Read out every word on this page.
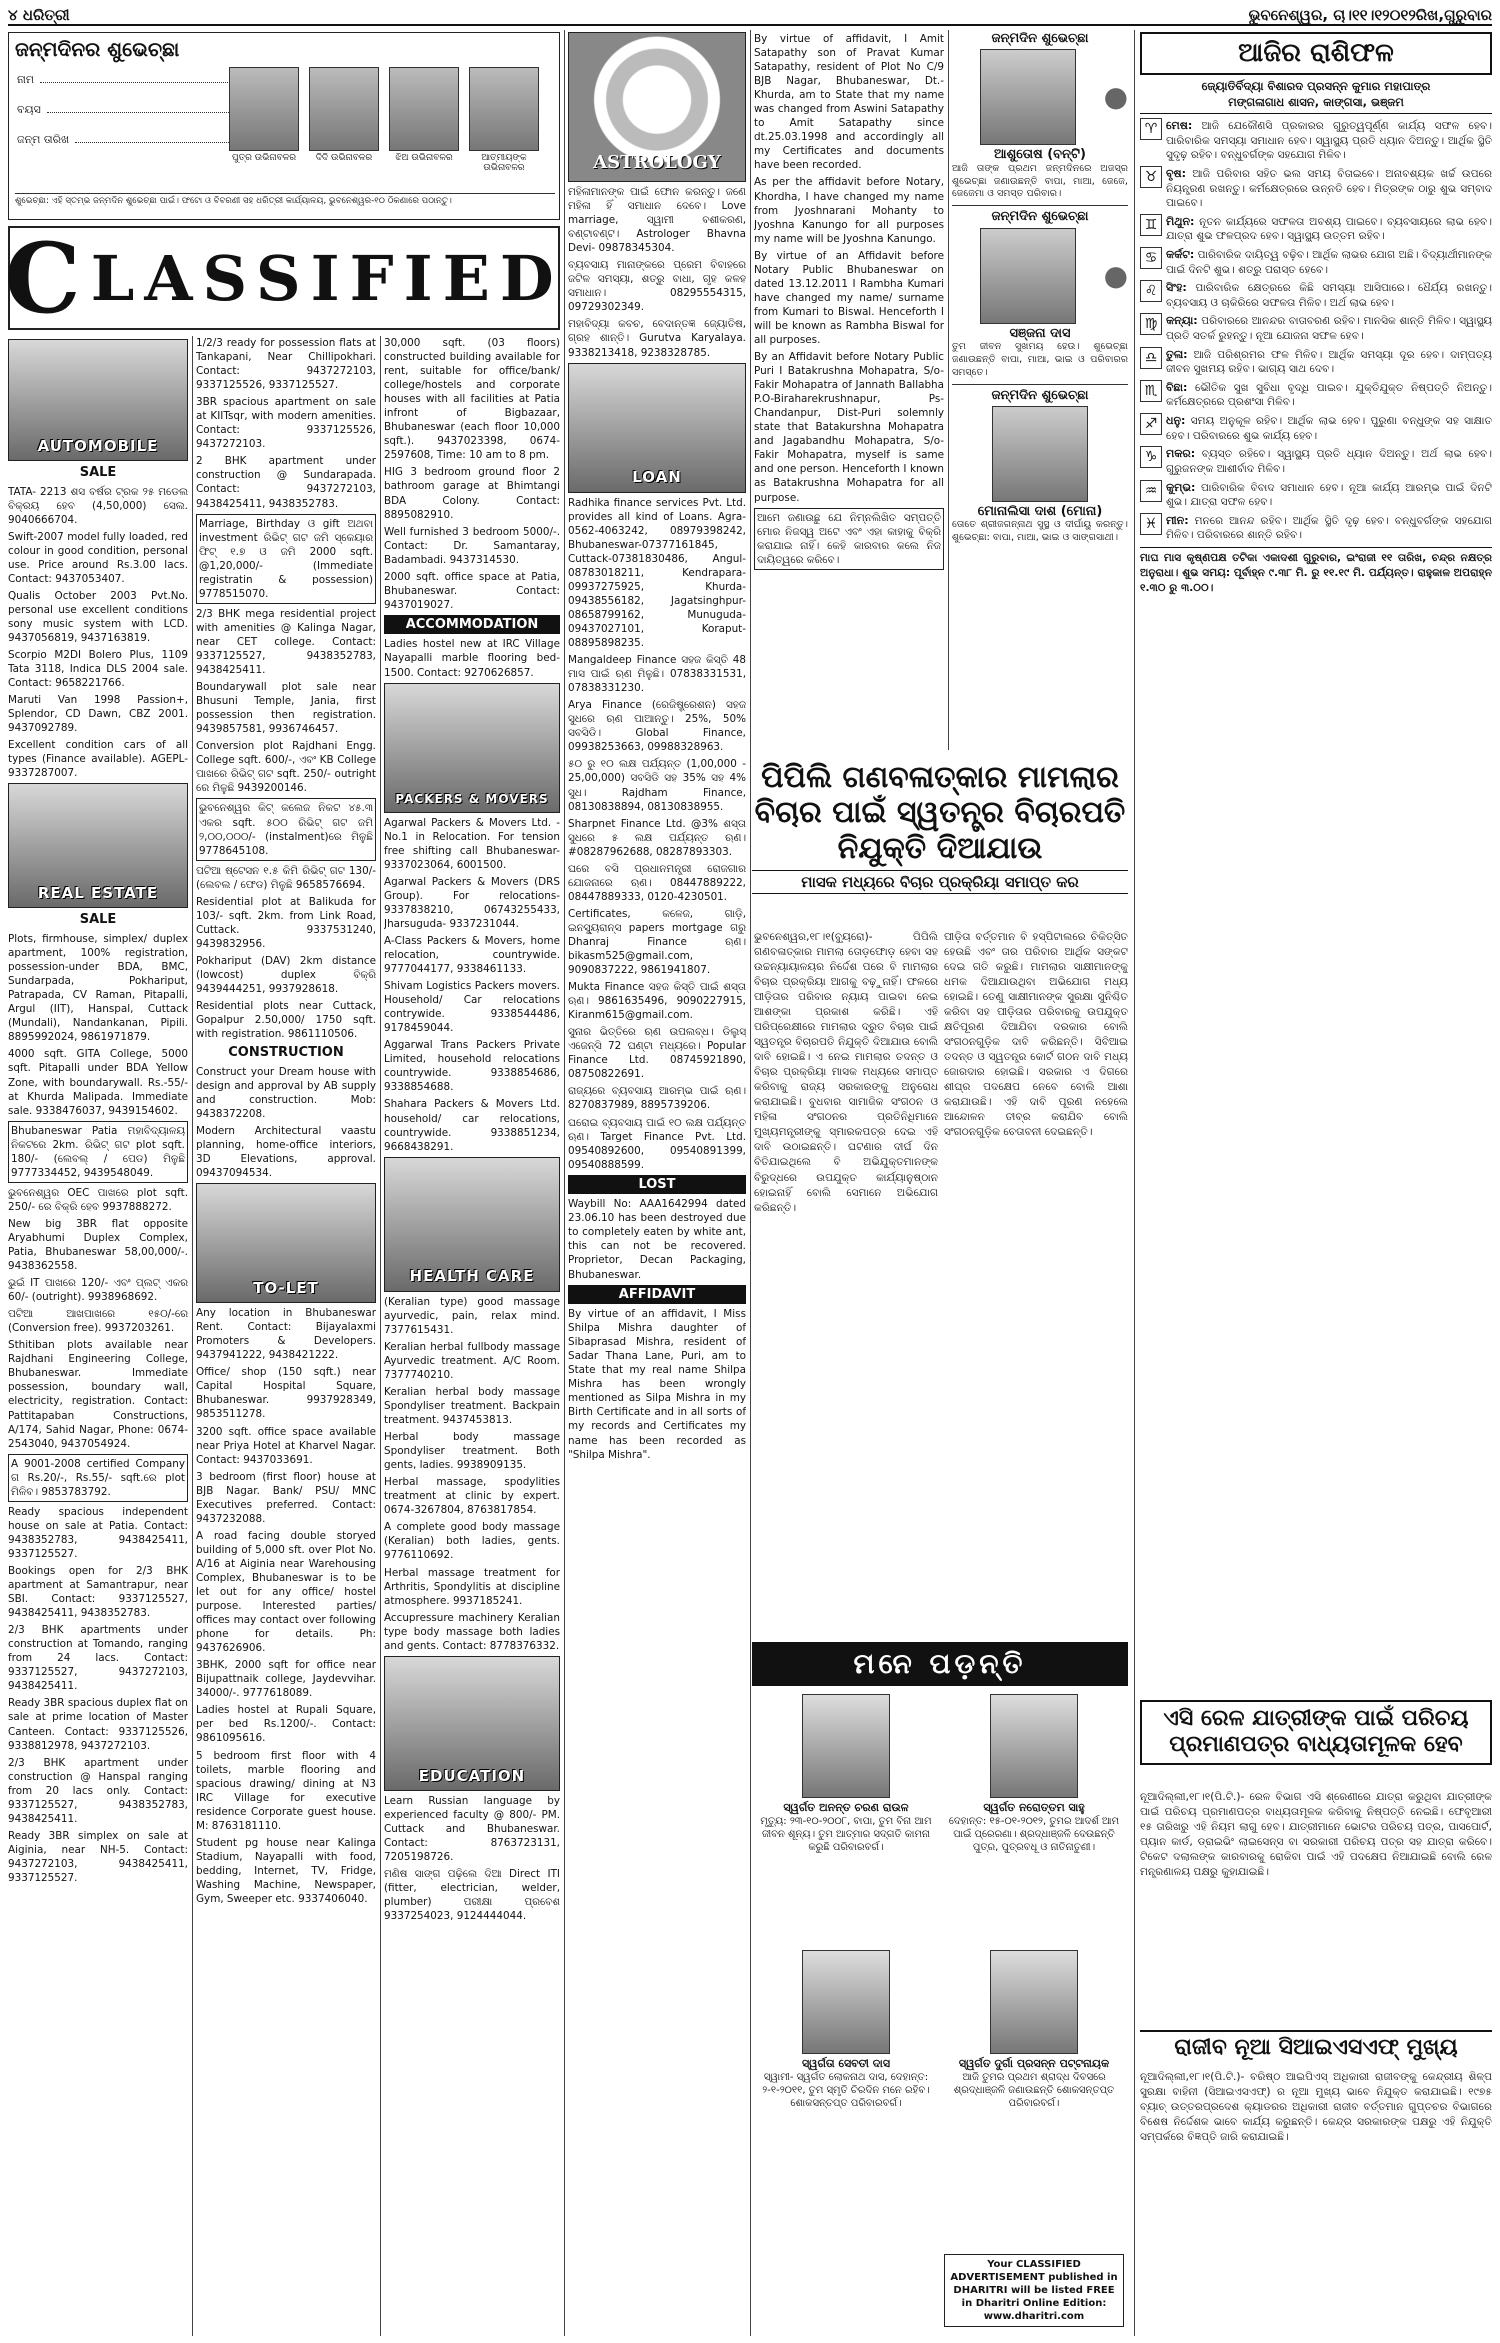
୪ ଧରିତ୍ରୀ	ଭୁବନେଶ୍ୱର, ଚା।୧୧।୧୨୦୧୨ରିଖ,ଗୁରୁବାର
ଜନ୍ମଦିନର ଶୁଭେଚ୍ଛା
ନାମ
ବୟସ
ଜନ୍ମ ତାରିଖ
ପୁତ୍ର ଉଭିନାବଳର	ଦିଦି ଉଭିନାବଳର	ଝିଅ ଉଭିନାବଳର	ଆତ୍ମୀୟଙ୍କ ଉଭିନାବଳର
ଶୁଭେଚ୍ଛା: ଏହି ସ୍ତମ୍ଭ ଜନ୍ମଦିନ ଶୁଭେଚ୍ଛା ପାଇଁ। ଫଟୋ ଓ ବିବରଣୀ ସହ ଧରିତ୍ରୀ କାର୍ଯ୍ୟାଳୟ, ଭୁବନେଶ୍ୱର-୧୦ ଠିକଣାରେ ପଠାନ୍ତୁ।
C LASSIFIED
AUTOMOBILE
SALE
TATA- 2213 ଶସ ବର୍ଷର ଟ୍ରକ ୨୫ ମଡେଲ ବିକ୍ରୟ ହେବ (4,50,000) ସେଲ. 9040666704.
Swift-2007 model fully loaded, red colour in good condition, personal use. Price around Rs.3.00 lacs. Contact: 9437053407.
Qualis October 2003 Pvt.No. personal use excellent conditions sony music system with LCD. 9437056819, 9437163819.
Scorpio M2DI Bolero Plus, 1109 Tata 3118, Indica DLS 2004 sale. Contact: 9658221766.
Maruti Van 1998 Passion+, Splendor, CD Dawn, CBZ 2001. 9437092789.
Excellent condition cars of all types (Finance available). AGEPL- 9337287007.
REAL ESTATE
SALE
Plots, firmhouse, simplex/ duplex apartment, 100% registration, possession-under BDA, BMC, Sundarpada, Pokhariput, Patrapada, CV Raman, Pitapalli, Argul (IIT), Hanspal, Cuttack (Mundali), Nandankanan, Pipili. 8895992024, 9861971879.
4000 sqft. GITA College, 5000 sqft. Pitapalli under BDA Yellow Zone, with boundarywall. Rs.-55/- at Khurda Malipada. Immediate sale. 9338476037, 9439154602.
Bhubaneswar Patia ମହାବିଦ୍ୟାଳୟ ନିକଟରେ 2km. ରିଭିଟ୍ ଗଟ plot sqft. 180/- (ଲେବଲ୍ / ପେଡ) ମିଳୁଛି 9777334452, 9439548049.
ଭୁବନେଶ୍ୱର OEC ପାଖରେ plot sqft. 250/- ରେ ବିକ୍ରି ହେବ 9937888272.
New big 3BR flat opposite Aryabhumi Duplex Complex, Patia, Bhubaneswar 58,00,000/-. 9438362558.
ଭୁଇଁ IT ପାଖରେ 120/- ଏବଂ ପ୍ଲଟ୍ ଏକର 60/- (outright). 9938968692.
ପଟିଆ ଆଖପାଖରେ ୧୫୦/-ରେ (Conversion free). 9937203261.
Sthitiban plots available near Rajdhani Engineering College, Bhubaneswar. Immediate possession, boundary wall, electricity, registration. Contact: Pattitapaban Constructions, A/174, Sahid Nagar, Phone: 0674-2543040, 9437054924.
A 9001-2008 certified Company ଗ Rs.20/-, Rs.55/- sqft.ରେ plot ମିଳିବ। 9853783792.
Ready spacious independent house on sale at Patia. Contact: 9438352783, 9438425411, 9337125527.
Bookings open for 2/3 BHK apartment at Samantrapur, near SBI. Contact: 9337125527, 9438425411, 9438352783.
2/3 BHK apartments under construction at Tomando, ranging from 24 lacs. Contact: 9337125527, 9437272103, 9438425411.
Ready 3BR spacious duplex flat on sale at prime location of Master Canteen. Contact: 9337125526, 9338812978, 9437272103.
2/3 BHK apartment under construction @ Hanspal ranging from 20 lacs only. Contact: 9337125527, 9438352783, 9438425411.
Ready 3BR simplex on sale at Aiginia, near NH-5. Contact: 9437272103, 9438425411, 9337125527.
1/2/3 ready for possession flats at Tankapani, Near Chillipokhari. Contact: 9437272103, 9337125526, 9337125527.
3BR spacious apartment on sale at KIITsqr, with modern amenities. Contact: 9337125526, 9437272103.
2 BHK apartment under construction @ Sundarapada. Contact: 9437272103, 9438425411, 9438352783.
Marriage, Birthday ଓ gift ଅଥବା investment ରିଭିଟ୍ ଗଟ ଜମି ସ୍କେୟାର ଫିଟ୍ ୧.୭ ଓ ଜମି 2000 sqft. @1,20,000/- (Immediate registratin & possession) 9778515070.
2/3 BHK mega residential project with amenities @ Kalinga Nagar, near CET college. Contact: 9337125527, 9438352783, 9438425411.
Boundarywall plot sale near Bhusuni Temple, Jania, first possession then registration. 9439857581, 9936746457.
Conversion plot Rajdhani Engg. College sqft. 600/-, ଏବଂ KB College ପାଖରେ ରିଭିଟ୍ ଗଟ sqft. 250/- outright ରେ ମିଳୁଛି 9439200146.
ଭୁବନେଶ୍ୱର କିଟ୍ କଲେଜ ନିକଟ ୪୫.୩ ଏକର sqft. ୫୦୦ ରିଭିଟ୍ ଗଟ ଜମି ୨,୦୦,୦୦୦/- (instalment)ରେ ମିଳୁଛି 9778645108.
ପଟିଆ ଷ୍ଟେସନ ୧.୫ କିମି ରିଭିଟ୍ ଗଟ 130/- (ଲେବଲ / ଫେଡ) ମିଳୁଛି 9658576694.
Residential plot at Balikuda for 103/- sqft. 2km. from Link Road, Cuttack. 9337531240, 9439832956.
Pokhariput (DAV) 2km distance (lowcost) duplex ବିକ୍ରି 9439444251, 9937928618.
Residential plots near Cuttack, Gopalpur 2.50,000/ 1750 sqft. with registration. 9861110506.
CONSTRUCTION
Construct your Dream house with design and approval by AB supply and construction. Mob: 9438372208.
Modern Architectural vaastu planning, home-office interiors, 3D Elevations, approval. 09437094534.
TO-LET
Any location in Bhubaneswar Rent. Contact: Bijayalaxmi Promoters & Developers. 9437941222, 9438421222.
Office/ shop (150 sqft.) near Capital Hospital Square, Bhubaneswar. 9937928349, 9853511278.
3200 sqft. office space available near Priya Hotel at Kharvel Nagar. Contact: 9437033691.
3 bedroom (first floor) house at BJB Nagar. Bank/ PSU/ MNC Executives preferred. Contact: 9437232088.
A road facing double storyed building of 5,000 sft. over Plot No. A/16 at Aiginia near Warehousing Complex, Bhubaneswar is to be let out for any office/ hostel purpose. Interested parties/ offices may contact over following phone for details. Ph: 9437626906.
3BHK, 2000 sqft for office near Bijupattnaik college, Jaydevvihar. 34000/-. 9777618089.
Ladies hostel at Rupali Square, per bed Rs.1200/-. Contact: 9861095616.
5 bedroom first floor with 4 toilets, marble flooring and spacious drawing/ dining at N3 IRC Village for executive residence Corporate guest house. M: 8763181110.
Student pg house near Kalinga Stadium, Nayapalli with food, bedding, Internet, TV, Fridge, Washing Machine, Newspaper, Gym, Sweeper etc. 9337406040.
30,000 sqft. (03 floors) constructed building available for rent, suitable for office/bank/ college/hostels and corporate houses with all facilities at Patia infront of Bigbazaar, Bhubaneswar (each floor 10,000 sqft.). 9437023398, 0674-2597608, Time: 10 am to 8 pm.
HIG 3 bedroom ground floor 2 bathroom garage at Bhimtangi BDA Colony. Contact: 8895082910.
Well furnished 3 bedroom 5000/-. Contact: Dr. Samantaray, Badambadi. 9437314530.
2000 sqft. office space at Patia, Bhubaneswar. Contact: 9437019027.
ACCOMMODATION
Ladies hostel new at IRC Village Nayapalli marble flooring bed-1500. Contact: 9270626857.
PACKERS & MOVERS
Agarwal Packers & Movers Ltd. - No.1 in Relocation. For tension free shifting call Bhubaneswar- 9337023064, 6001500.
Agarwal Packers & Movers (DRS Group). For relocations- 9337838210, 06743255433, Jharsuguda- 9337231044.
A-Class Packers & Movers, home relocation, countrywide. 9777044177, 9338461133.
Shivam Logistics Packers movers. Household/ Car relocations contrywide. 9338544486, 9178459044.
Aggarwal Trans Packers Private Limited, household relocations countrywide. 9338854686, 9338854688.
Shahara Packers & Movers Ltd. household/ car relocations, countrywide. 9338851234, 9668438291.
HEALTH CARE
(Keralian type) good massage ayurvedic, pain, relax mind. 7377615431.
Keralian herbal fullbody massage Ayurvedic treatment. A/C Room. 7377740210.
Keralian herbal body massage Spondyliser treatment. Backpain treatment. 9437453813.
Herbal body massage Spondyliser treatment. Both gents, ladies. 9938909135.
Herbal massage, spodylities treatment at clinic by expert. 0674-3267804, 8763817854.
A complete good body massage (Keralian) both ladies, gents. 9776110692.
Herbal massage treatment for Arthritis, Spondylitis at discipline atmosphere. 9937185241.
Accupressure machinery Keralian type body massage both ladies and gents. Contact: 8778376332.
EDUCATION
Learn Russian language by experienced faculty @ 800/- PM. Cuttack and Bhubaneswar. Contact: 8763723131, 7205198726.
ମଣିଷ ସାଙ୍ଗ ପଢ଼ିଲେ ଦିଆ Direct ITI (fitter, electrician, welder, plumber) ପରୀକ୍ଷା ପ୍ରବେଶ 9337254023, 9124444044.
ASTROLOGY
ମହିଳାମାନଙ୍କ ପାଇଁ ଫୋନ କରନ୍ତୁ। ଜଣେ ମହିଳା ହିଁ ସମାଧାନ ଦେବେ। Love marriage, ସ୍ୱାମୀ ବଶୀକରଣ, ବଣ୍ଟାବଣ୍ଟ। Astrologer Bhavna Devi- 09878345304.
ବ୍ୟବସାୟ ମାନାଙ୍କରେ ପ୍ରେମ ବିବାହରେ ଜଟିଳ ସମସ୍ୟା, ଶତ୍ରୁ ବାଧା, ଗୃହ କଳହ ସମାଧାନ। 08295554315, 09729302349.
ମହାବିଦ୍ୟା କବଚ, ବେଦାନ୍ତଜ୍ଞ ଜ୍ୟୋତିଷ, ଗ୍ରହ ଶାନ୍ତି। Gurutva Karyalaya. 9338213418, 9238328785.
LOAN
Radhika finance services Pvt. Ltd. provides all kind of Loans. Agra-0562-4063242, 08979398242, Bhubaneswar-07377161845, Cuttack-07381830486, Angul-08783018211, Kendrapara-09937275925, Khurda-09438556182, Jagatsinghpur-08658799162, Munuguda-09437027101, Koraput-08895898235.
Mangaldeep Finance ସହଜ କିସ୍ତି 48 ମାସ ପାଇଁ ଋଣ ମିଳୁଛି। 07838331531, 07838331230.
Arya Finance (ରେଜିଷ୍ଟ୍ରେଶନ) ସହଜ ସୁଧରେ ଋଣ ପାଆନ୍ତୁ। 25%, 50% ସବସିଡି। Global Finance, 09938253663, 09988328963.
୫୦ ରୁ ୧୦ ଲକ୍ଷ ପର୍ଯ୍ୟନ୍ତ (1,00,000 - 25,00,000) ସବସିଡି ସହ 35% ସହ 4% ସୁଧ। Rajdham Finance, 08130838894, 08130838955.
Sharpnet Finance Ltd. @3% ଶସ୍ତା ସୁଧରେ ୫ ଲକ୍ଷ ପର୍ଯ୍ୟନ୍ତ ଋଣ। #08287962688, 08287893303.
ଘରେ ବସି ପ୍ରଧାନମନ୍ତ୍ରୀ ରୋଜଗାର ଯୋଜନାରେ ଋଣ। 08447889222, 08447889333, 0120-4230501.
Certificates, କଳେଜ, ଗାଡ଼ି, ଇନସ୍ୟୁରାନ୍ସ papers mortgage ଗରୁ Dhanraj Finance ଋଣ। bikasm525@gmail.com, 9090837222, 9861941807.
Mukta Finance ସହଜ କିସ୍ତି ପାଇଁ ଶସ୍ତା ଋଣ। 9861635496, 9090227915, Kiranm615@gmail.com.
ସୁନାର ଭିତ୍ତିରେ ଋଣ ଉପଲବ୍ଧ। ଡିଲୁସ୍ ଏଜେନ୍ସି 72 ଘଣ୍ଟା ମଧ୍ୟରେ। Popular Finance Ltd. 08745921890, 08750822691.
ରାଜ୍ୟରେ ବ୍ୟବସାୟ ଆରମ୍ଭ ପାଇଁ ଋଣ। 8270837989, 8895739206.
ଘରୋଇ ବ୍ୟବସାୟ ପାଇଁ ୧୦ ଲକ୍ଷ ପର୍ଯ୍ୟନ୍ତ ଋଣ। Target Finance Pvt. Ltd. 09540892600, 09540891399, 09540888599.
LOST
Waybill No: AAA1642994 dated 23.06.10 has been destroyed due to completely eaten by white ant, this can not be recovered. Proprietor, Decan Packaging, Bhubaneswar.
AFFIDAVIT
By virtue of an affidavit, I Miss Shilpa Mishra daughter of Sibaprasad Mishra, resident of Sadar Thana Lane, Puri, am to State that my real name Shilpa Mishra has been wrongly mentioned as Silpa Mishra in my Birth Certificate and in all sorts of my records and Certificates my name has been recorded as "Shilpa Mishra".
By virtue of affidavit, I Amit Satapathy son of Pravat Kumar Satapathy, resident of Plot No C/9 BJB Nagar, Bhubaneswar, Dt.-Khurda, am to State that my name was changed from Aswini Satapathy to Amit Satapathy since dt.25.03.1998 and accordingly all my Certificates and documents have been recorded.
As per the affidavit before Notary, Khordha, I have changed my name from Jyoshnarani Mohanty to Jyoshna Kanungo for all purposes my name will be Jyoshna Kanungo.
By virtue of an Affidavit before Notary Public Bhubaneswar on dated 13.12.2011 I Rambha Kumari have changed my name/ surname from Kumari to Biswal. Henceforth I will be known as Rambha Biswal for all purposes.
By an Affidavit before Notary Public Puri I Batakrushna Mohapatra, S/o-Fakir Mohapatra of Jannath Ballabha P.O-Biraharekrushnapur, Ps-Chandanpur, Dist-Puri solemnly state that Batakurshna Mohapatra and Jagabandhu Mohapatra, S/o-Fakir Mohapatra, myself is same and one person. Henceforth I known as Batakrushna Mohapatra for all purpose.
ଆମେ ଜଣାଉଛୁ ଯେ ନିମ୍ନଲିଖିତ ସମ୍ପତ୍ତି ମୋର ନିଜସ୍ୱ ଅଟେ ଏବଂ ଏହା କାହାକୁ ବିକ୍ରି କରାଯାଇ ନାହିଁ। କେହି କାରବାର କଲେ ନିଜ ଦାୟିତ୍ୱରେ କରିବେ।
ଜନ୍ମଦିନ ଶୁଭେଚ୍ଛା
●
ଆଶୁତୋଷ (ବନ୍ଟି)
ଆଜି ତାଙ୍କ ପ୍ରଥମ ଜନ୍ମଦିନରେ ଅଜସ୍ର ଶୁଭେଚ୍ଛା ଜଣାଉଛନ୍ତି ବାପା, ମାଆ, ଜେଜେ, ଜେଜେମା ଓ ସମସ୍ତ ପରିବାର।
ଜନ୍ମଦିନ ଶୁଭେଚ୍ଛା
●
ସଞ୍ଜନା ଦାସ
ତୁମ ଜୀବନ ସୁଖମୟ ହେଉ। ଶୁଭେଚ୍ଛା ଜଣାଉଛନ୍ତି ବାପା, ମାଆ, ଭାଇ ଓ ପରିବାରର ସମସ୍ତେ।
ଜନ୍ମଦିନ ଶୁଭେଚ୍ଛା
ମୋନାଲିସା ଦାଶ (ମୋନା)
ତୋତେ ଶ୍ରୀଜଗନ୍ନାଥ ସୁସ୍ଥ ଓ ଦୀର୍ଘାୟୁ କରନ୍ତୁ। ଶୁଭେଚ୍ଛା: ବାପା, ମାଆ, ଭାଇ ଓ ସାଙ୍ଗସାଥୀ।
ପିପିଲି ଗଣବଳାତ୍କାର ମାମଲାର ବିଚାର ପାଇଁ ସ୍ୱତନ୍ତ୍ର ବିଚାରପତି ନିଯୁକ୍ତି ଦିଆଯାଉ
ମାସକ ମଧ୍ୟରେ ବିଚାର ପ୍ରକ୍ରିୟା ସମାପ୍ତ କର
ଭୁବନେଶ୍ୱର,୧୮।୧(ବ୍ୟୁରୋ)- ପିପିଲି ଗଣବଳାତ୍କାର ମାମଲା ତୋଡ଼ଫୋଡ଼ ହେବା ସହ ଉଚ୍ଚନ୍ୟାୟାଳୟର ନିର୍ଦ୍ଦେଶ ପରେ ବି ମାମଲାର ବିଚାର ପ୍ରକ୍ରିୟା ଆଗକୁ ବଢ଼ୁନାହିଁ। ଫଳରେ ପୀଡ଼ିତାର ପରିବାର ନ୍ୟାୟ ପାଇବା ନେଇ ଆଶଙ୍କା ପ୍ରକାଶ କରିଛି। ଏହି ପରିପ୍ରେକ୍ଷୀରେ ମାମଲାର ଦ୍ରୁତ ବିଚାର ପାଇଁ ସ୍ୱତନ୍ତ୍ର ବିଚାରପତି ନିଯୁକ୍ତି ଦିଆଯାଉ ବୋଲି ଦାବି ହୋଇଛି। ଏ ନେଇ ମାମଲାର ତଦନ୍ତ ଓ ବିଚାର ପ୍ରକ୍ରିୟା ମାସକ ମଧ୍ୟରେ ସମାପ୍ତ କରିବାକୁ ରାଜ୍ୟ ସରକାରଙ୍କୁ ଅନୁରୋଧ କରାଯାଇଛି। ବୁଧବାର ସାମାଜିକ ସଂଗଠନ ଓ ମହିଳା ସଂଗଠନର ପ୍ରତିନିଧିମାନେ ମୁଖ୍ୟମନ୍ତ୍ରୀଙ୍କୁ ସ୍ମାରକପତ୍ର ଦେଇ ଏହି ଦାବି ଉଠାଇଛନ୍ତି। ଘଟଣାର ଦୀର୍ଘ ଦିନ ବିତିଯାଇଥିଲେ ବି ଅଭିଯୁକ୍ତମାନଙ୍କ ବିରୁଦ୍ଧରେ ଉପଯୁକ୍ତ କାର୍ଯ୍ୟାନୁଷ୍ଠାନ ହୋଇନାହିଁ ବୋଲି ସେମାନେ ଅଭିଯୋଗ କରିଛନ୍ତି।
ପୀଡ଼ିତା ବର୍ତ୍ତମାନ ବି ହସ୍ପିଟାଲରେ ଚିକିତ୍ସିତ ହେଉଛି ଏବଂ ତାର ପରିବାର ଆର୍ଥିକ ସଙ୍କଟ ଦେଇ ଗତି କରୁଛି। ମାମଲାର ସାକ୍ଷୀମାନଙ୍କୁ ଧମକ ଦିଆଯାଉଥିବା ଅଭିଯୋଗ ମଧ୍ୟ ହୋଇଛି। ତେଣୁ ସାକ୍ଷୀମାନଙ୍କ ସୁରକ୍ଷା ସୁନିଶ୍ଚିତ କରିବା ସହ ପୀଡ଼ିତାର ପରିବାରକୁ ଉପଯୁକ୍ତ କ୍ଷତିପୂରଣ ଦିଆଯିବା ଦରକାର ବୋଲି ସଂଗଠନଗୁଡ଼ିକ ଦାବି କରିଛନ୍ତି। ସିବିଆଇ ତଦନ୍ତ ଓ ସ୍ୱତନ୍ତ୍ର କୋର୍ଟ ଗଠନ ଦାବି ମଧ୍ୟ ଜୋରଦାର ହୋଇଛି। ସରକାର ଏ ଦିଗରେ ଶୀଘ୍ର ପଦକ୍ଷେପ ନେବେ ବୋଲି ଆଶା କରାଯାଉଛି। ଏହି ଦାବି ପୂରଣ ନହେଲେ ଆନ୍ଦୋଳନ ତୀବ୍ର କରାଯିବ ବୋଲି ସଂଗଠନଗୁଡ଼ିକ ଚେତାବନୀ ଦେଇଛନ୍ତି।
ମନେ ପଡ଼ନ୍ତି
ସ୍ୱର୍ଗତ ଅନନ୍ତ ଚରଣ ରାଉଳ
ମୃତ୍ୟୁ: ୨୩-୧୦-୨୦୦୮, ବାପା, ତୁମ ବିନା ଆମ ଜୀବନ ଶୂନ୍ୟ। ତୁମ ଆତ୍ମାର ସଦ୍‌ଗତି କାମନା କରୁଛି ପରିବାରବର୍ଗ।
ସ୍ୱର୍ଗତ ନରୋତ୍ତମ ସାହୁ
ଦେହାନ୍ତ: ୧୫-୦୧-୨୦୧୨, ତୁମର ଆଦର୍ଶ ଆମ ପାଇଁ ପ୍ରେରଣା। ଶ୍ରଦ୍ଧାଞ୍ଜଳି ଦେଉଛନ୍ତି ପୁତ୍ର, ପୁତ୍ରବଧୂ ଓ ନାତିନାତୁଣୀ।
ସ୍ୱର୍ଗତା ସେବତୀ ଦାସ
ସ୍ୱାମୀ- ସ୍ୱର୍ଗତ ଲୋକନାଥ ଦାସ, ଦେହାନ୍ତ: ୨-୧-୨୦୧୧, ତୁମ ସ୍ମୃତି ଚିରଦିନ ମନେ ରହିବ। ଶୋକସନ୍ତପ୍ତ ପରିବାରବର୍ଗ।
ସ୍ୱର୍ଗତ ଦୁର୍ଗା ପ୍ରସନ୍ନ ପଟ୍ଟନାୟକ
ଆଜି ତୁମର ପ୍ରଥମ ଶ୍ରାଦ୍ଧ ଦିବସରେ ଶ୍ରଦ୍ଧାଞ୍ଜଳି ଜଣାଉଛନ୍ତି ଶୋକସନ୍ତପ୍ତ ପରିବାରବର୍ଗ।
Your CLASSIFIED ADVERTISEMENT published in DHARITRI will be listed FREE in Dharitri Online Edition: www.dharitri.com
ଆଜିର ରାଶିଫଳ
ଜ୍ୟୋତିର୍ବିଦ୍ୟା ବିଶାରଦ ପ୍ରସନ୍ନ କୁମାର ମହାପାତ୍ର
ମଙ୍ଗଳାଗାଧ ଶାସନ, କାଙ୍ଗସା, ଭଞ୍ଜମ
♈ ମେଷ: ଆଜି ଯେକୌଣସି ପ୍ରକାରର ଗୁରୁତ୍ୱପୂର୍ଣ୍ଣ କାର୍ଯ୍ୟ ସଫଳ ହେବ। ପାରିବାରିକ ସମସ୍ୟା ସମାଧାନ ହେବ। ସ୍ୱାସ୍ଥ୍ୟ ପ୍ରତି ଧ୍ୟାନ ଦିଅନ୍ତୁ। ଆର୍ଥିକ ସ୍ଥିତି ସୁଦୃଢ଼ ରହିବ। ବନ୍ଧୁବର୍ଗଙ୍କ ସହଯୋଗ ମିଳିବ।
♉ ବୃଷ: ଆଜି ପରିବାର ସହିତ ଭଲ ସମୟ ବିତାଇବେ। ଅନାବଶ୍ୟକ ଖର୍ଚ୍ଚ ଉପରେ ନିୟନ୍ତ୍ରଣ ରଖନ୍ତୁ। କର୍ମକ୍ଷେତ୍ରରେ ଉନ୍ନତି ହେବ। ମିତ୍ରଙ୍କ ଠାରୁ ଶୁଭ ସମ୍ବାଦ ପାଇବେ।
♊ ମିଥୁନ: ନୂତନ କାର୍ଯ୍ୟରେ ସଫଳତା ଅବଶ୍ୟ ପାଇବେ। ବ୍ୟବସାୟରେ ଲାଭ ହେବ। ଯାତ୍ରା ଶୁଭ ଫଳପ୍ରଦ ହେବ। ସ୍ୱାସ୍ଥ୍ୟ ଉତ୍ତମ ରହିବ।
♋ କର୍କଟ: ପାରିବାରିକ ଦାୟିତ୍ୱ ବଢ଼ିବ। ଆର୍ଥିକ ଲାଭର ଯୋଗ ଅଛି। ବିଦ୍ୟାର୍ଥୀମାନଙ୍କ ପାଇଁ ଦିନଟି ଶୁଭ। ଶତ୍ରୁ ପରାସ୍ତ ହେବେ।
♌ ସିଂହ: ପାରିବାରିକ କ୍ଷେତ୍ରରେ କିଛି ସମସ୍ୟା ଆସିପାରେ। ଧୈର୍ଯ୍ୟ ରଖନ୍ତୁ। ବ୍ୟବସାୟ ଓ ଚାକିରିରେ ସଫଳତା ମିଳିବ। ଅର୍ଥ ଲାଭ ହେବ।
♍ କନ୍ୟା: ପରିବାରରେ ଆନନ୍ଦର ବାତାବରଣ ରହିବ। ମାନସିକ ଶାନ୍ତି ମିଳିବ। ସ୍ୱାସ୍ଥ୍ୟ ପ୍ରତି ସତର୍କ ରୁହନ୍ତୁ। ନୂଆ ଯୋଜନା ସଫଳ ହେବ।
♎ ତୁଳା: ଆଜି ପରିଶ୍ରମର ଫଳ ମିଳିବ। ଆର୍ଥିକ ସମସ୍ୟା ଦୂର ହେବ। ଦାମ୍ପତ୍ୟ ଜୀବନ ସୁଖମୟ ରହିବ। ଭାଗ୍ୟ ସାଥ ଦେବ।
♏ ବିଛା: ଭୌତିକ ସୁଖ ସୁବିଧା ବୃଦ୍ଧି ପାଇବ। ଯୁକ୍ତିଯୁକ୍ତ ନିଷ୍ପତ୍ତି ନିଅନ୍ତୁ। କର୍ମକ୍ଷେତ୍ରରେ ପ୍ରଶଂସା ମିଳିବ।
♐ ଧନୁ: ସମୟ ଅନୁକୂଳ ରହିବ। ଆର୍ଥିକ ଲାଭ ହେବ। ପୁରୁଣା ବନ୍ଧୁଙ୍କ ସହ ସାକ୍ଷାତ ହେବ। ପରିବାରରେ ଶୁଭ କାର୍ଯ୍ୟ ହେବ।
♑ ମକର: ବ୍ୟସ୍ତ ରହିବେ। ସ୍ୱାସ୍ଥ୍ୟ ପ୍ରତି ଧ୍ୟାନ ଦିଅନ୍ତୁ। ଅର୍ଥ ଲାଭ ହେବ। ଗୁରୁଜନଙ୍କ ଆଶୀର୍ବାଦ ମିଳିବ।
♒ କୁମ୍ଭ: ପାରିବାରିକ ବିବାଦ ସମାଧାନ ହେବ। ନୂଆ କାର୍ଯ୍ୟ ଆରମ୍ଭ ପାଇଁ ଦିନଟି ଶୁଭ। ଯାତ୍ରା ସଫଳ ହେବ।
♓ ମୀନ: ମନରେ ଆନନ୍ଦ ରହିବ। ଆର୍ଥିକ ସ୍ଥିତି ଦୃଢ଼ ହେବ। ବନ୍ଧୁବର୍ଗଙ୍କ ସହଯୋଗ ମିଳିବ। ପରିବାରରେ ଶାନ୍ତି ରହିବ।
ମାଘ ମାସ କୃଷ୍ଣପକ୍ଷ ତଟିକା ଏକାଦଶୀ ଗୁରୁବାର, ଇଂରାଜୀ ୧୧ ତାରିଖ, ଚନ୍ଦ୍ର ନକ୍ଷତ୍ର ଅନୁରାଧା। ଶୁଭ ସମୟ: ପୂର୍ବାହ୍ନ ୯.୩୮ ମି. ରୁ ୧୧.୧୯ ମି. ପର୍ଯ୍ୟନ୍ତ। ରାହୁକାଳ ଅପରାହ୍ନ ୧.୩୦ ରୁ ୩.୦୦।
ଏସି ରେଳ ଯାତ୍ରୀଙ୍କ ପାଇଁ ପରିଚୟ ପ୍ରମାଣପତ୍ର ବାଧ୍ୟତାମୂଳକ ହେବ
ନୂଆଦିଲ୍ଲୀ,୧୮।୧(ପି.ଟି.)- ରେଳ ବିଭାଗ ଏସି ଶ୍ରେଣୀରେ ଯାତ୍ରା କରୁଥିବା ଯାତ୍ରୀଙ୍କ ପାଇଁ ପରିଚୟ ପ୍ରମାଣପତ୍ର ବାଧ୍ୟତାମୂଳକ କରିବାକୁ ନିଷ୍ପତ୍ତି ନେଇଛି। ଫେବୃଆରୀ ୧୫ ତାରିଖରୁ ଏହି ନିୟମ ଲାଗୁ ହେବ। ଯାତ୍ରୀମାନେ ଭୋଟର ପରିଚୟ ପତ୍ର, ପାସପୋର୍ଟ, ପ୍ୟାନ କାର୍ଡ, ଡ୍ରାଇଭିଂ ଲାଇସେନ୍ସ ବା ସରକାରୀ ପରିଚୟ ପତ୍ର ସହ ଯାତ୍ରା କରିବେ। ଟିକେଟ ଦଲାଲଙ୍କ କାରବାରକୁ ରୋକିବା ପାଇଁ ଏହି ପଦକ୍ଷେପ ନିଆଯାଇଛି ବୋଲି ରେଳ ମନ୍ତ୍ରଣାଳୟ ପକ୍ଷରୁ କୁହାଯାଇଛି।
ରାଜୀବ ନୂଆ ସିଆଇଏସଏଫ୍ ମୁଖ୍ୟ
ନୂଆଦିଲ୍ଲୀ,୧୮।୧(ପି.ଟି.)- ବରିଷ୍ଠ ଆଇପିଏସ୍ ଅଧିକାରୀ ରାଜୀବଙ୍କୁ କେନ୍ଦ୍ରୀୟ ଶିଳ୍ପ ସୁରକ୍ଷା ବାହିନୀ (ସିଆଇଏସଏଫ୍) ର ନୂଆ ମୁଖ୍ୟ ଭାବେ ନିଯୁକ୍ତ କରାଯାଇଛି। ୧୯୭୫ ବ୍ୟାଚ୍ ଉତ୍ତରପ୍ରଦେଶ କ୍ୟାଡରର ଅଧିକାରୀ ରାଜୀବ ବର୍ତ୍ତମାନ ଗୁପ୍ତଚର ବିଭାଗରେ ବିଶେଷ ନିର୍ଦ୍ଦେଶକ ଭାବେ କାର୍ଯ୍ୟ କରୁଛନ୍ତି। କେନ୍ଦ୍ର ସରକାରଙ୍କ ପକ୍ଷରୁ ଏହି ନିଯୁକ୍ତି ସମ୍ପର୍କରେ ବିଜ୍ଞପ୍ତି ଜାରି କରାଯାଇଛି।
